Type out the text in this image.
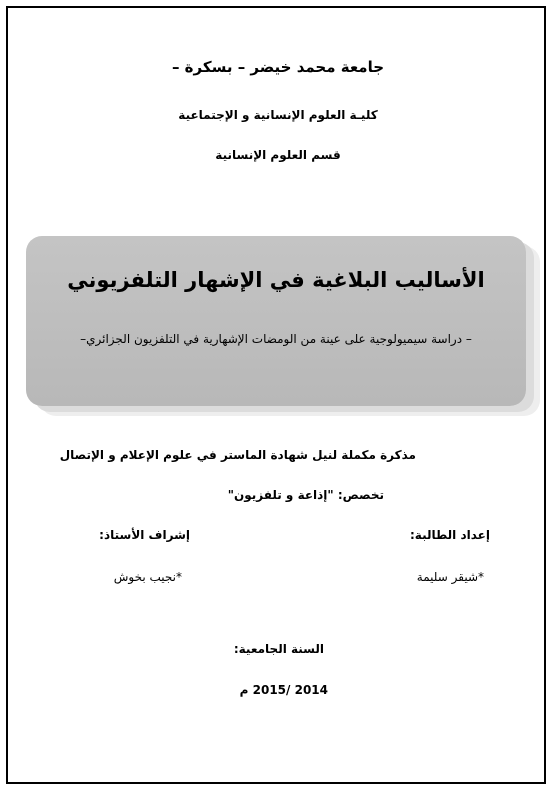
جامعة محمد خيضر – بسكرة –
كليـة العلوم الإنسانية و الإجتماعية
قسم العلوم الإنسانية
الأساليب البلاغية في الإشهار التلفزيوني
– دراسة سيميولوجية على عينة من الومضات الإشهارية في التلفزيون الجزائري–
مذكرة مكملة لنيل شهادة الماستر في علوم الإعلام و الإتصال
تخصص: "إذاعة و تلفزيون"
إعداد الطالبة:
إشراف الأستاذ:
*شيقر سليمة
*نجيب بخوش
السنة الجامعية:
2014 /2015 م
